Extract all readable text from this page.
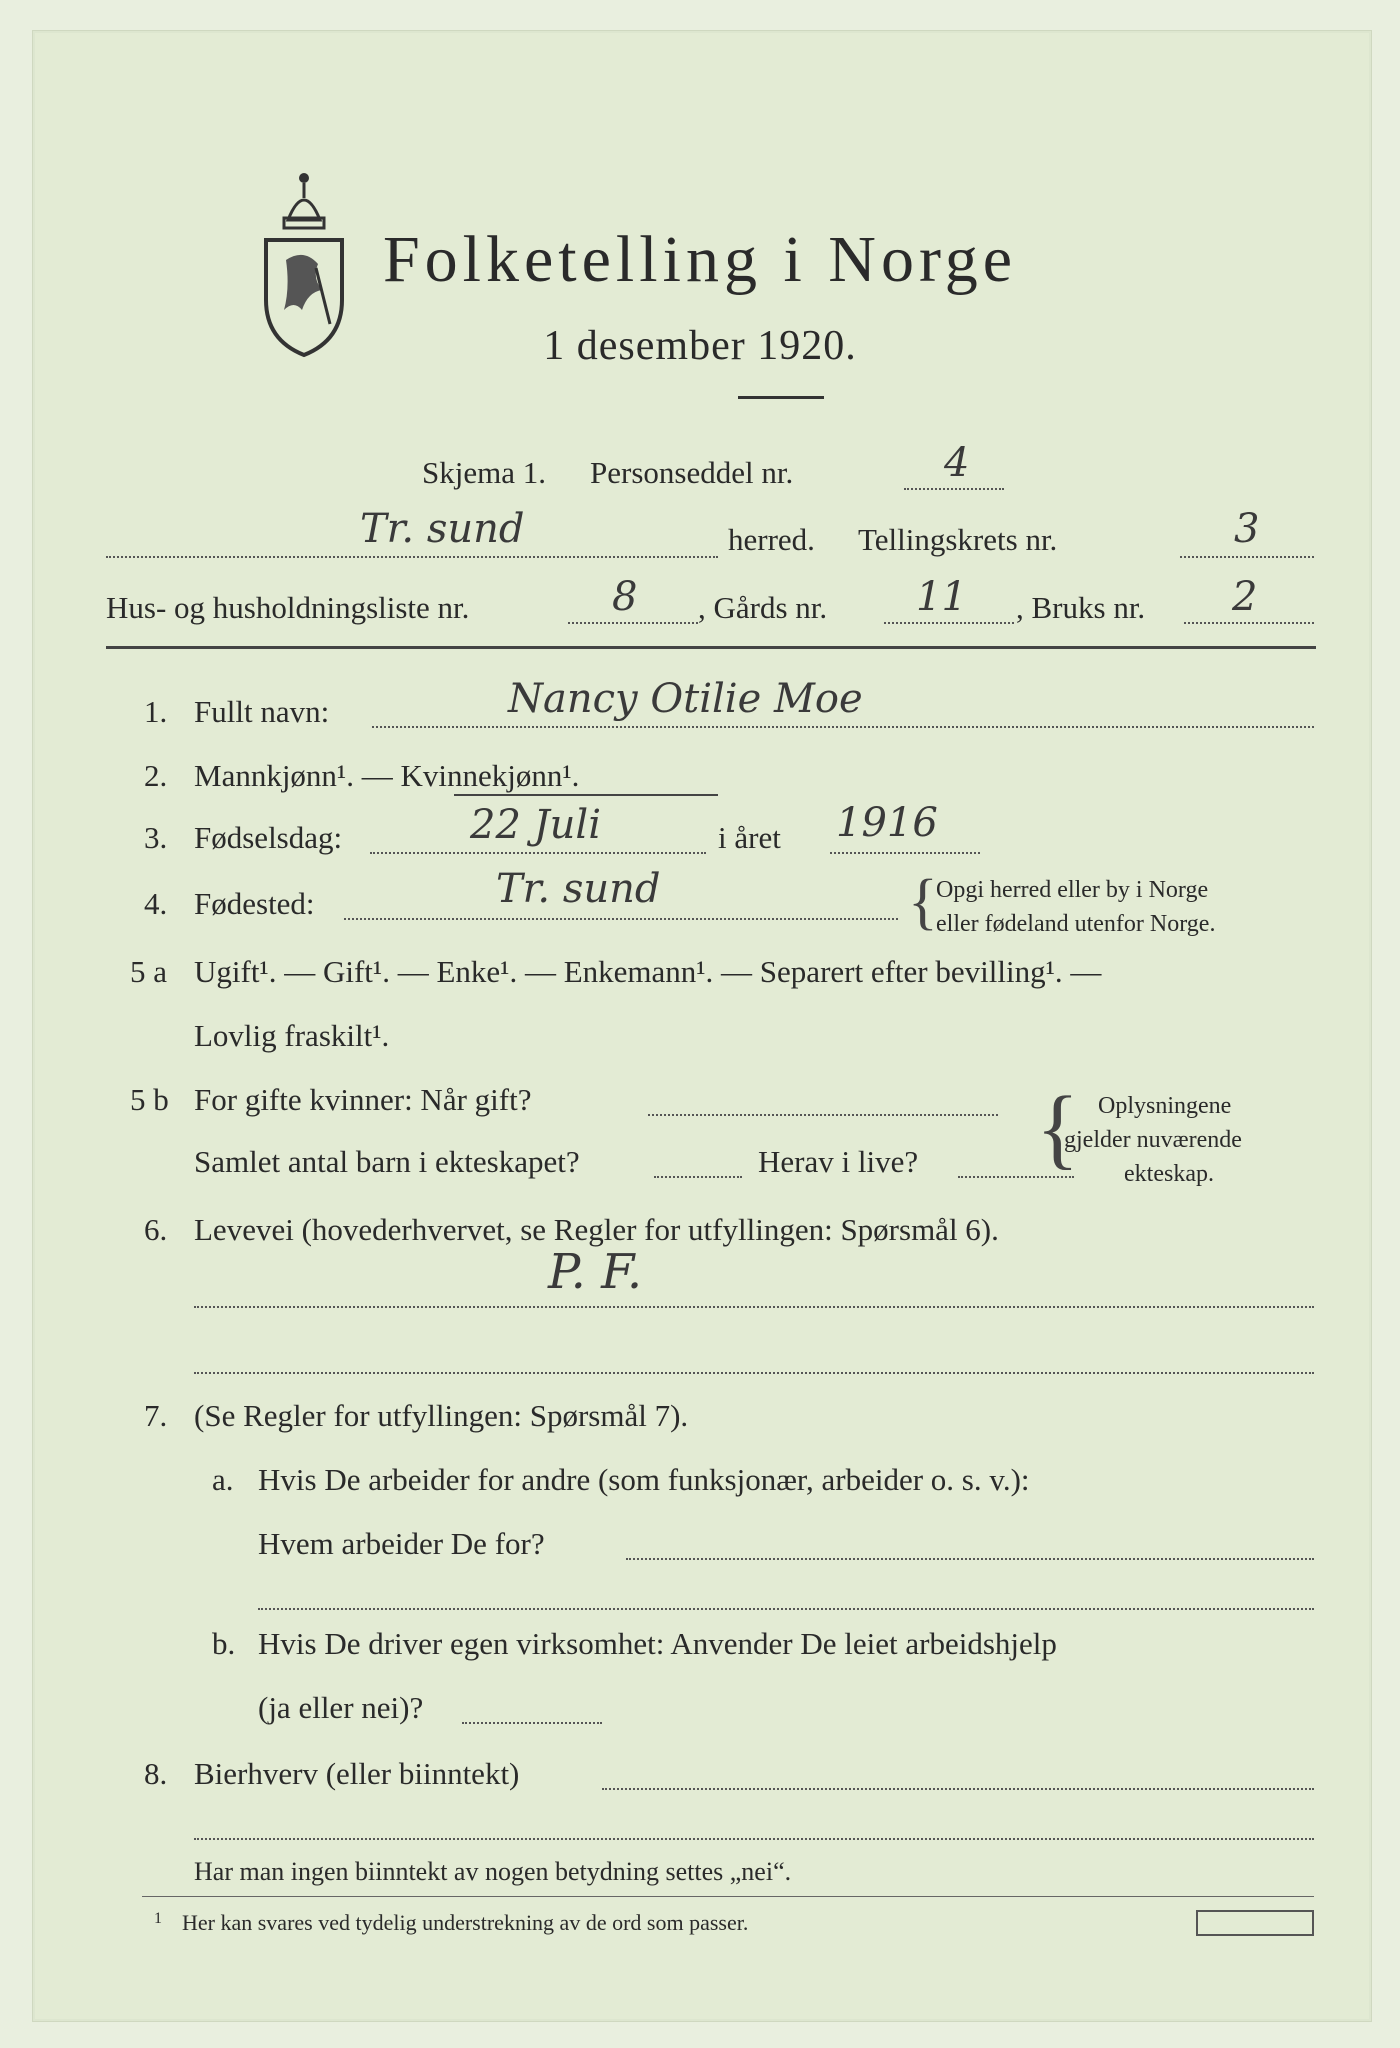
Folketelling i Norge
1 desember 1920.
Skjema 1. Personseddel nr.	4
Tr. sund	herred. Tellingskrets nr.	3
Hus- og husholdningsliste nr.	8 , Gårds nr. 11 , Bruks nr. 2
1. Fullt navn:	Nancy Otilie Moe
2. Mannkjønn¹. — Kvinnekjønn¹.
3. Fødselsdag:	22 Juli	i året 1916
4. Fødested:	Tr. sund	{
Opgi herred eller by i Norge
eller fødeland utenfor Norge.
5 a Ugift¹. — Gift¹. — Enke¹. — Enkemann¹. — Separert efter bevilling¹. —
Lovlig fraskilt¹.
5 b For gifte kvinner: Når gift?
Samlet antal barn i ekteskapet?	Herav i live? { Oplysningene
gjelder nuværende
ekteskap.
6. Levevei (hovederhvervet, se Regler for utfyllingen: Spørsmål 6).
P. F.
7. (Se Regler for utfyllingen: Spørsmål 7).
a. Hvis De arbeider for andre (som funksjonær, arbeider o. s. v.):
Hvem arbeider De for?
b. Hvis De driver egen virksomhet: Anvender De leiet arbeidshjelp
(ja eller nei)?
8. Bierhverv (eller biinntekt)
Har man ingen biinntekt av nogen betydning settes „nei“.
1 Her kan svares ved tydelig understrekning av de ord som passer.
